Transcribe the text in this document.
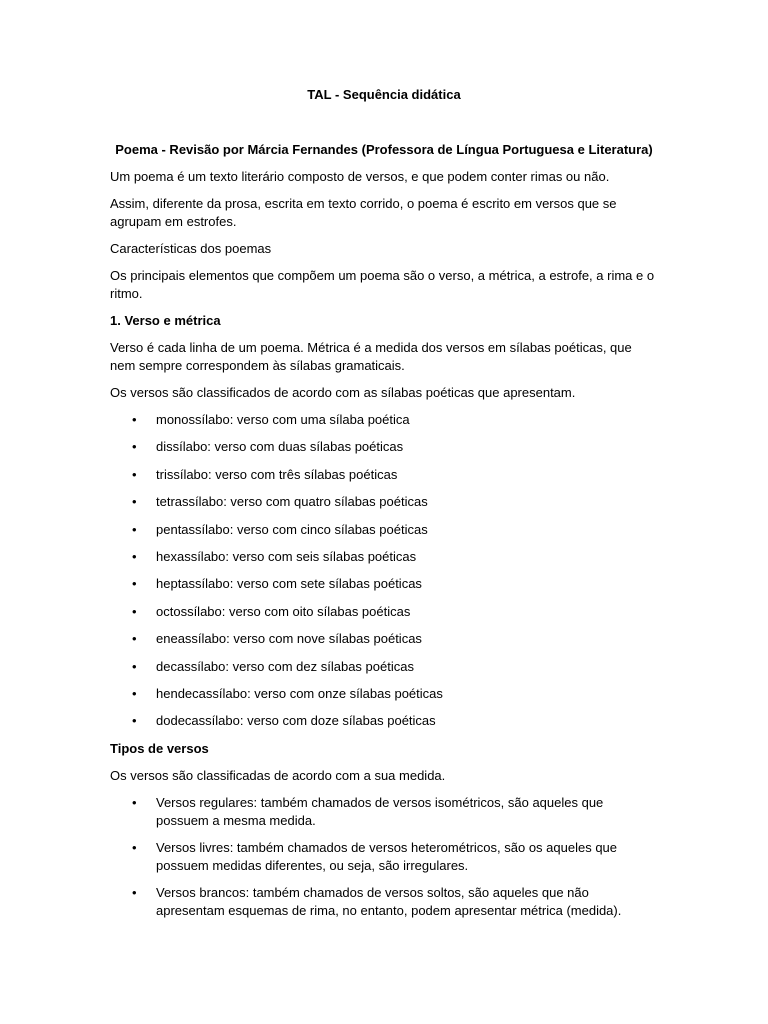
TAL - Sequência didática

Poema - Revisão por Márcia Fernandes (Professora de Língua Portuguesa e Literatura)

Um poema é um texto literário composto de versos, e que podem conter rimas ou não.

Assim, diferente da prosa, escrita em texto corrido, o poema é escrito em versos que se agrupam em estrofes.

Características dos poemas

Os principais elementos que compõem um poema são o verso, a métrica, a estrofe, a rima e o ritmo.

1. Verso e métrica

Verso é cada linha de um poema. Métrica é a medida dos versos em sílabas poéticas, que nem sempre correspondem às sílabas gramaticais.

Os versos são classificados de acordo com as sílabas poéticas que apresentam.

• monossílabo: verso com uma sílaba poética
• dissílabo: verso com duas sílabas poéticas
• trissílabo: verso com três sílabas poéticas
• tetrassílabo: verso com quatro sílabas poéticas
• pentassílabo: verso com cinco sílabas poéticas
• hexassílabo: verso com seis sílabas poéticas
• heptassílabo: verso com sete sílabas poéticas
• octossílabo: verso com oito sílabas poéticas
• eneassílabo: verso com nove sílabas poéticas
• decassílabo: verso com dez sílabas poéticas
• hendecassílabo: verso com onze sílabas poéticas
• dodecassílabo: verso com doze sílabas poéticas

Tipos de versos

Os versos são classificadas de acordo com a sua medida.

• Versos regulares: também chamados de versos isométricos, são aqueles que possuem a mesma medida.
• Versos livres: também chamados de versos heterométricos, são os aqueles que possuem medidas diferentes, ou seja, são irregulares.
• Versos brancos: também chamados de versos soltos, são aqueles que não apresentam esquemas de rima, no entanto, podem apresentar métrica (medida).
